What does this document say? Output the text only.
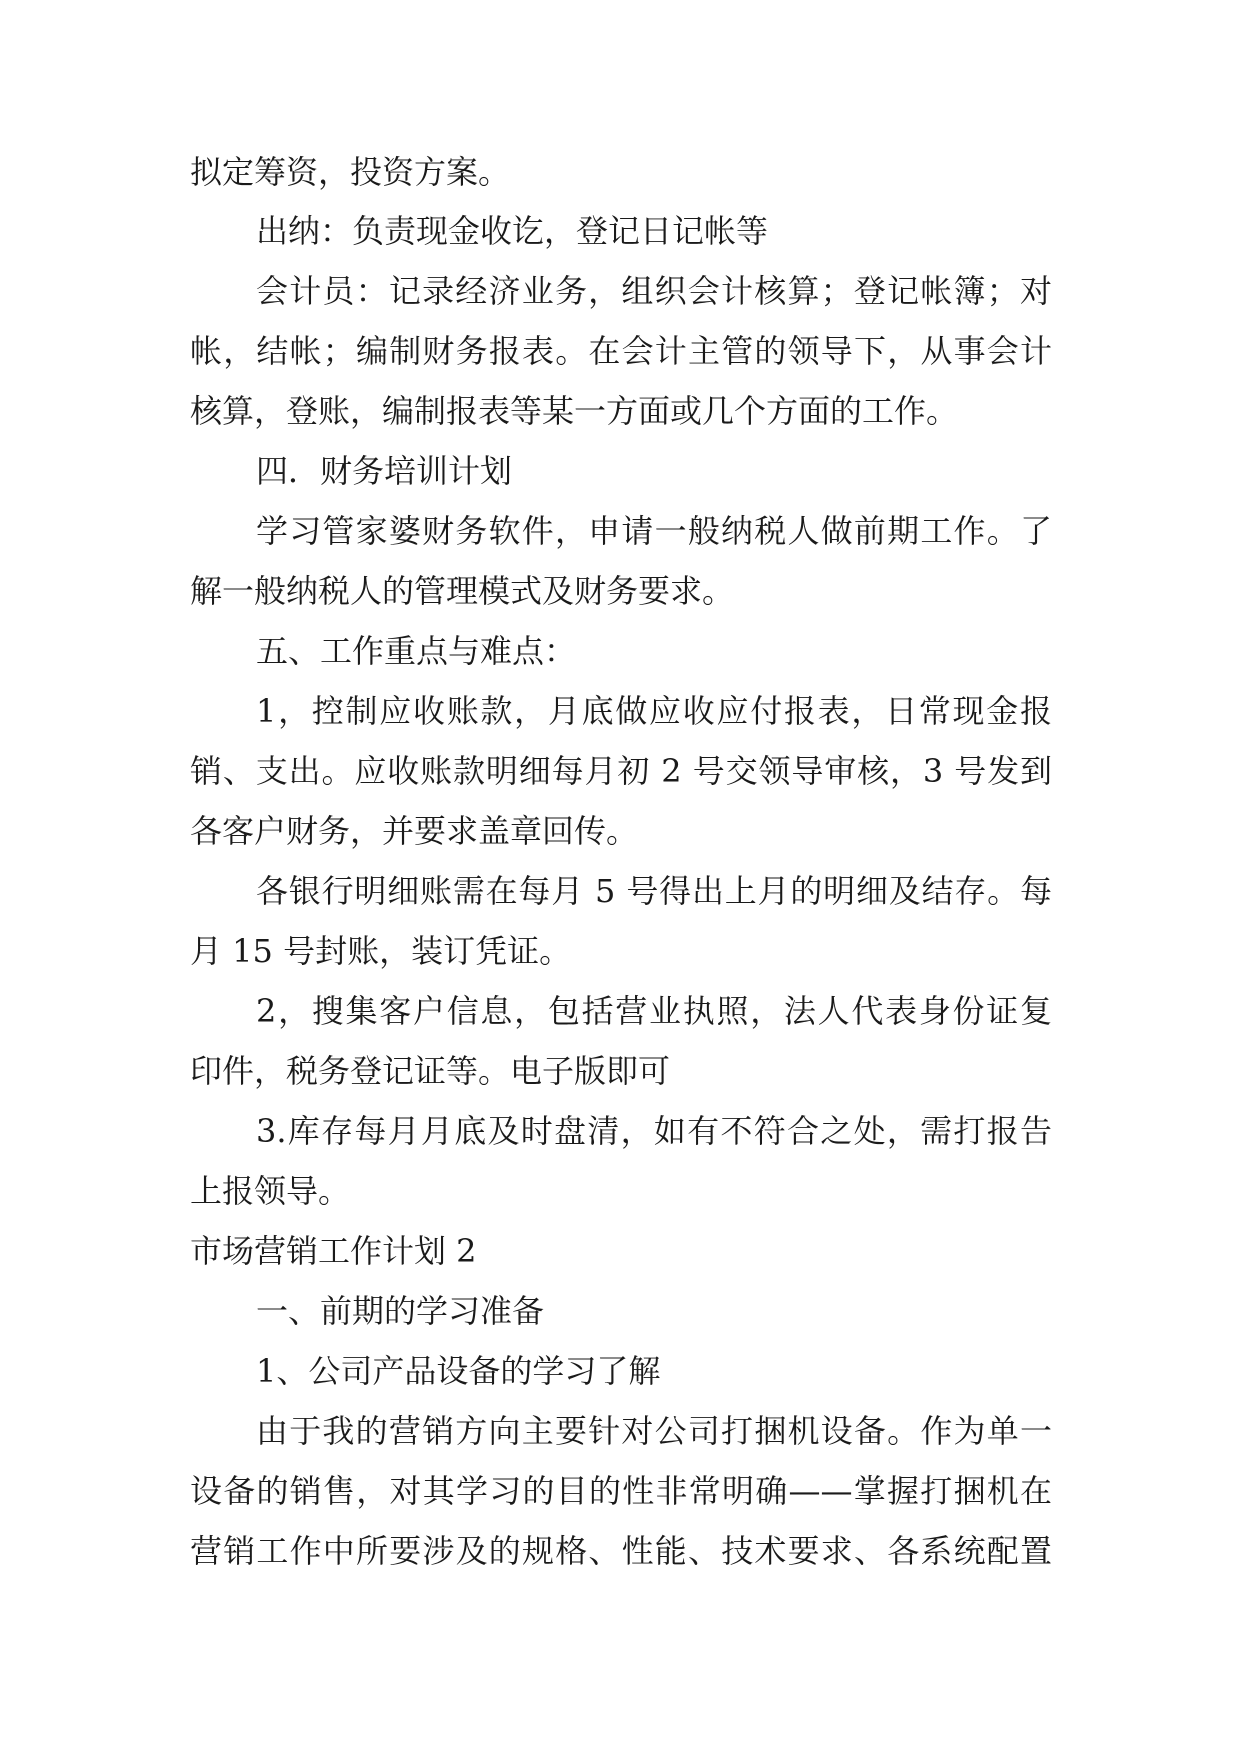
拟定筹资，投资方案。
出纳：负责现金收讫，登记日记帐等
会计员：记录经济业务，组织会计核算；登记帐簿；对
帐，结帐；编制财务报表。在会计主管的领导下，从事会计
核算，登账，编制报表等某一方面或几个方面的工作。
四．财务培训计划
学习管家婆财务软件，申请一般纳税人做前期工作。了
解一般纳税人的管理模式及财务要求。
五、工作重点与难点：
1，控制应收账款，月底做应收应付报表，日常现金报
销、支出。应收账款明细每月初 2 号交领导审核，3 号发到
各客户财务，并要求盖章回传。
各银行明细账需在每月 5 号得出上月的明细及结存。每
月 15 号封账，装订凭证。
2，搜集客户信息，包括营业执照，法人代表身份证复
印件，税务登记证等。电子版即可
3.库存每月月底及时盘清，如有不符合之处，需打报告
上报领导。
市场营销工作计划 2
一、前期的学习准备
1、公司产品设备的学习了解
由于我的营销方向主要针对公司打捆机设备。作为单一
设备的销售，对其学习的目的性非常明确——掌握打捆机在
营销工作中所要涉及的规格、性能、技术要求、各系统配置
